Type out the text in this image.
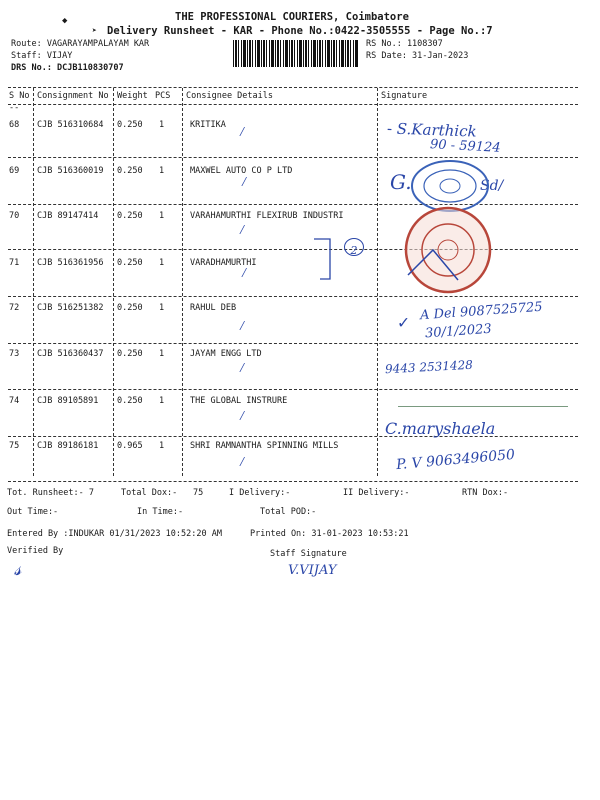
THE PROFESSIONAL COURIERS, Coimbatore
◆
➤ Delivery Runsheet - KAR - Phone No.:0422-3505555 - Page No.:7
Route: VAGARAYAMPALAYAM KAR
Staff: VIJAY
DRS No.: DCJB110830707
RS No.: 1108307
RS Date: 31-Jan-2023
S No Consignment No Weight PCS Consignee Details	Signature
--
68 CJB 516310684 0.250 1	KRITIKA
69 CJB 516360019 0.250 1	MAXWEL AUTO CO P LTD
70 CJB 89147414 0.250 1	VARAHAMURTHI FLEXIRUB INDUSTRI
71 CJB 516361956 0.250 1	VARADHAMURTHI
72 CJB 516251382 0.250 1	RAHUL DEB
73 CJB 516360437 0.250 1	JAYAM ENGG LTD
74 CJB 89105891 0.250 1	THE GLOBAL INSTRURE
75 CJB 89186181 0.965 1	SHRI RAMNANTHA SPINNING MILLS
⁄
⁄
⁄
⁄
⁄
⁄
⁄
⁄
2
- S.Karthick
90 - 59124
G.	Sd/
A Del 9087525725
30/1/2023
✓
9443 2531428
C.maryshaela
P. V 9063496050
Tot. Runsheet:- 7	Total Dox:- 75	I Delivery:-	II Delivery:-	RTN Dox:-
Out Time:-	In Time:-	Total POD:-
Entered By :INDUKAR 01/31/2023 10:52:20 AM	Printed On: 31-01-2023 10:53:21
Verified By
𝓈
Staff Signature
V.VIJAY
